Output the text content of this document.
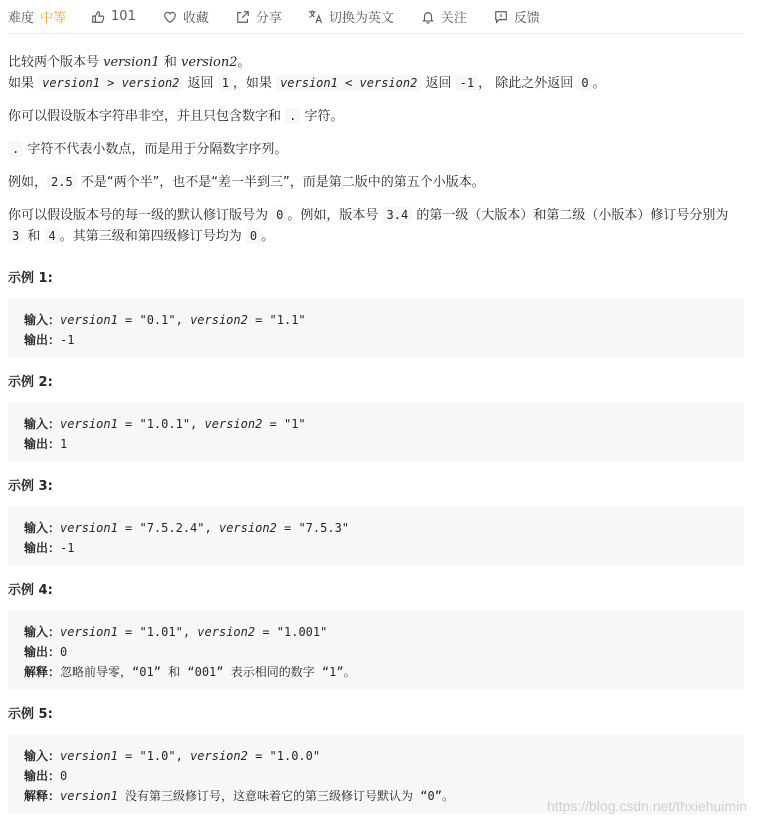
难度 中等	101	收藏	分享	切换为英文	关注	反馈
比较两个版本号 version1 和 version2。
如果 version1 > version2 返回 1 ，如果 version1 < version2 返回 -1 ， 除此之外返回 0 。
你可以假设版本字符串非空，并且只包含数字和 . 字符。
. 字符不代表小数点，而是用于分隔数字序列。
例如， 2.5 不是“两个半”，也不是“差一半到三”，而是第二版中的第五个小版本。
你可以假设版本号的每一级的默认修订版号为 0 。例如，版本号 3.4 的第一级（大版本）和第二级（小版本）修订号分别为
3 和 4 。其第三级和第四级修订号均为 0 。
示例 1:
输入：version1 = "0.1", version2 = "1.1"
输出：-1
示例 2:
输入：version1 = "1.0.1", version2 = "1"
输出：1
示例 3:
输入：version1 = "7.5.2.4", version2 = "7.5.3"
输出：-1
示例 4:
输入：version1 = "1.01", version2 = "1.001"
输出：0
解释：忽略前导零，“01” 和 “001” 表示相同的数字 “1”。
示例 5:
输入：version1 = "1.0", version2 = "1.0.0"
输出：0
解释：version1 没有第三级修订号，这意味着它的第三级修订号默认为 “0”。
https://blog.csdn.net/thxiehuimin
